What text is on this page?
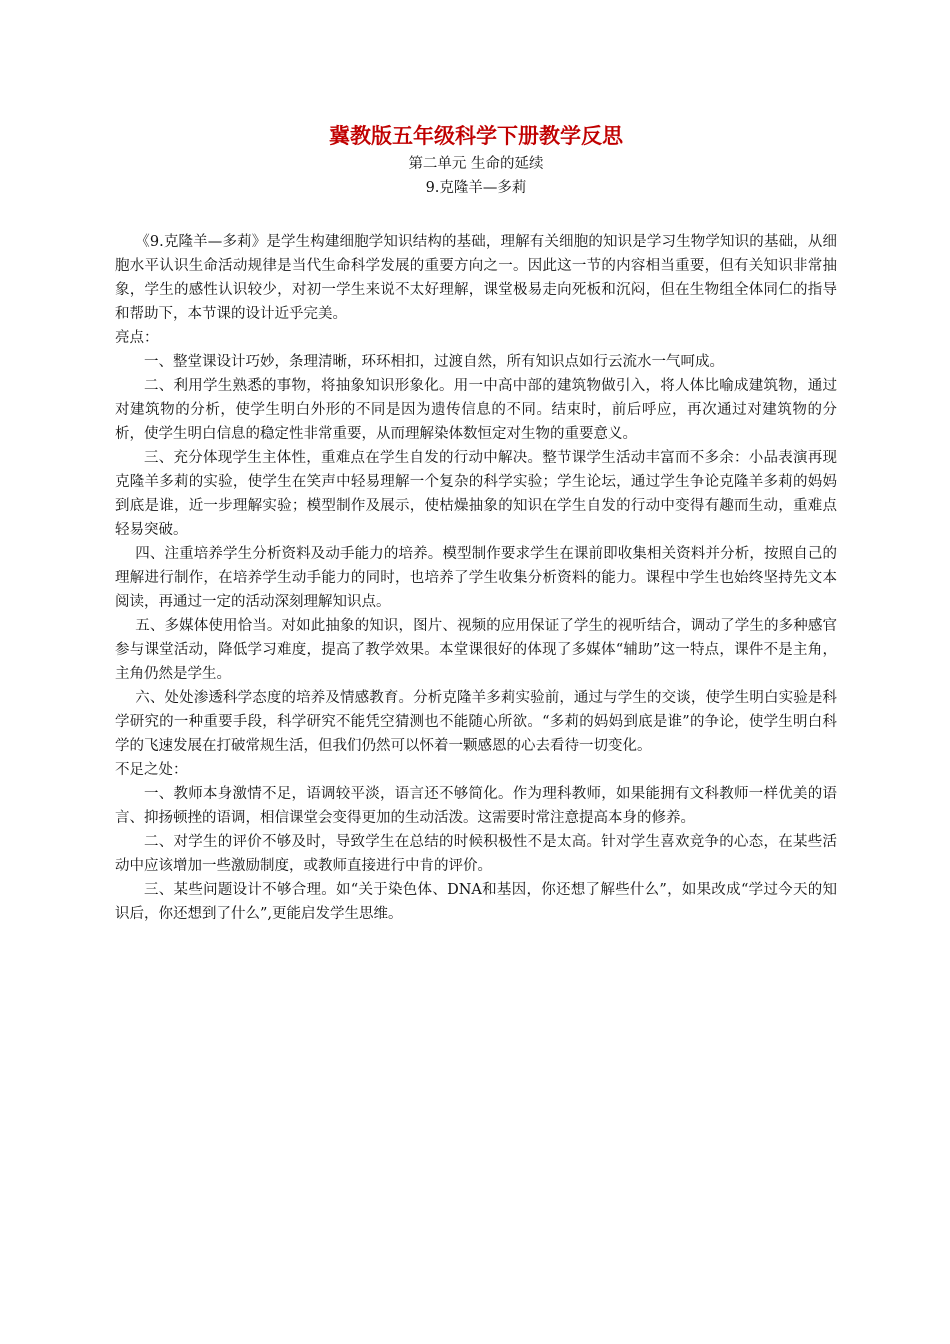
冀教版五年级科学下册教学反思

第二单元 生命的延续

9.克隆羊—多莉

《9.克隆羊—多莉》是学生构建细胞学知识结构的基础，理解有关细胞的知识是学习生物学知识的基础，从细胞水平认识生命活动规律是当代生命科学发展的重要方向之一。因此这一节的内容相当重要，但有关知识非常抽象，学生的感性认识较少，对初一学生来说不太好理解，课堂极易走向死板和沉闷，但在生物组全体同仁的指导和帮助下，本节课的设计近乎完美。

亮点：

一、整堂课设计巧妙，条理清晰，环环相扣，过渡自然，所有知识点如行云流水一气呵成。

二、利用学生熟悉的事物，将抽象知识形象化。用一中高中部的建筑物做引入，将人体比喻成建筑物，通过对建筑物的分析，使学生明白外形的不同是因为遗传信息的不同。结束时，前后呼应，再次通过对建筑物的分析，使学生明白信息的稳定性非常重要，从而理解染体数恒定对生物的重要意义。

三、充分体现学生主体性，重难点在学生自发的行动中解决。整节课学生活动丰富而不多余：小品表演再现克隆羊多莉的实验，使学生在笑声中轻易理解一个复杂的科学实验；学生论坛，通过学生争论克隆羊多莉的妈妈到底是谁，近一步理解实验；模型制作及展示，使枯燥抽象的知识在学生自发的行动中变得有趣而生动，重难点轻易突破。

四、注重培养学生分析资料及动手能力的培养。模型制作要求学生在课前即收集相关资料并分析，按照自己的理解进行制作，在培养学生动手能力的同时，也培养了学生收集分析资料的能力。课程中学生也始终坚持先文本阅读，再通过一定的活动深刻理解知识点。

五、多媒体使用恰当。对如此抽象的知识，图片、视频的应用保证了学生的视听结合，调动了学生的多种感官参与课堂活动，降低学习难度，提高了教学效果。本堂课很好的体现了多媒体“辅助”这一特点，课件不是主角，主角仍然是学生。

六、处处渗透科学态度的培养及情感教育。分析克隆羊多莉实验前，通过与学生的交谈，使学生明白实验是科学研究的一种重要手段，科学研究不能凭空猜测也不能随心所欲。“多莉的妈妈到底是谁”的争论，使学生明白科学的飞速发展在打破常规生活，但我们仍然可以怀着一颗感恩的心去看待一切变化。

不足之处：

一、教师本身激情不足，语调较平淡，语言还不够简化。作为理科教师，如果能拥有文科教师一样优美的语言、抑扬顿挫的语调，相信课堂会变得更加的生动活泼。这需要时常注意提高本身的修养。

二、对学生的评价不够及时，导致学生在总结的时候积极性不是太高。针对学生喜欢竞争的心态，在某些活动中应该增加一些激励制度，或教师直接进行中肯的评价。

三、某些问题设计不够合理。如“关于染色体、DNA和基因，你还想了解些什么”，如果改成“学过今天的知识后，你还想到了什么”,更能启发学生思维。
